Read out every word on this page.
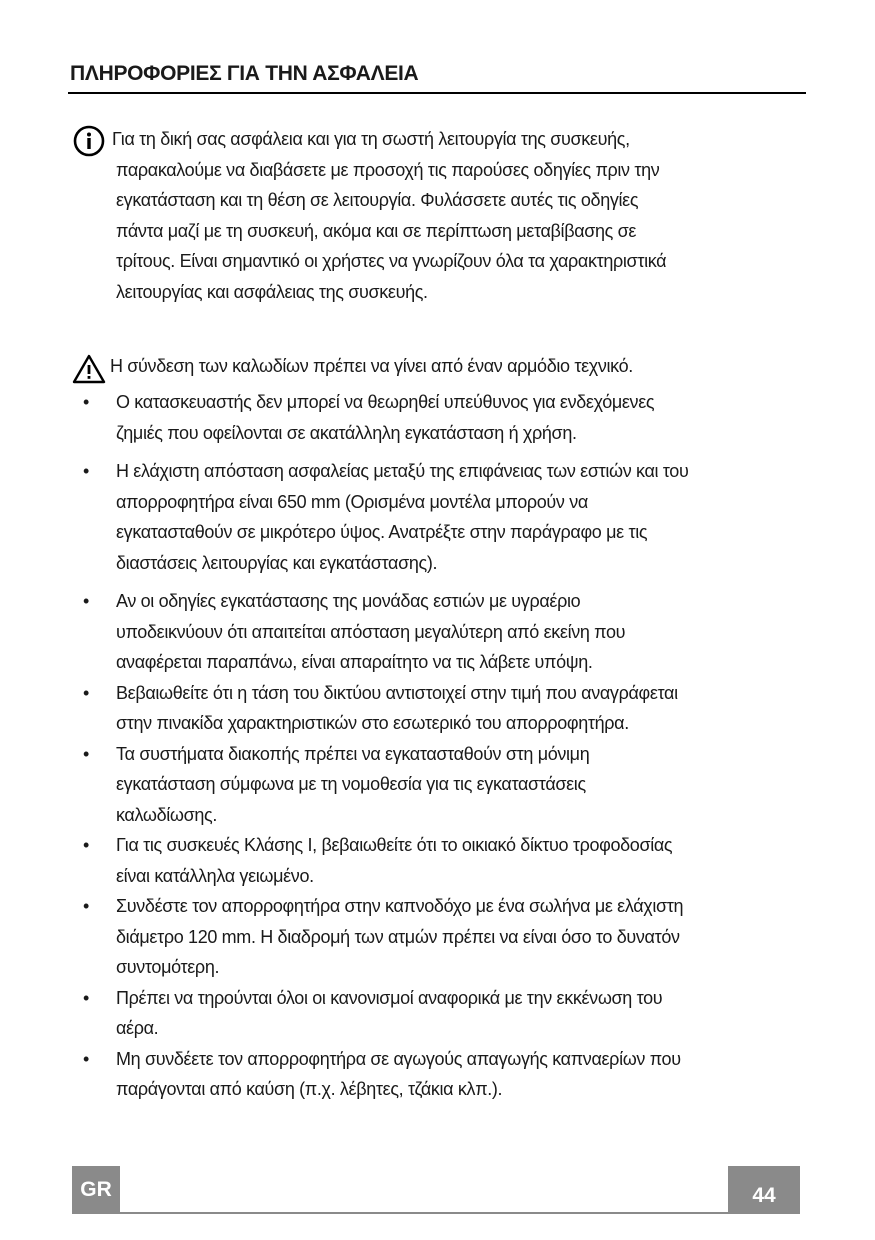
ΠΛΗΡΟΦΟΡΙΕΣ ΓΙΑ ΤΗΝ ΑΣΦΑΛΕΙΑ
Για τη δική σας ασφάλεια και για τη σωστή λειτουργία της συσκευής,
παρακαλούμε να διαβάσετε με προσοχή τις παρούσες οδηγίες πριν την
εγκατάσταση και τη θέση σε λειτουργία. Φυλάσσετε αυτές τις οδηγίες
πάντα μαζί με τη συσκευή, ακόμα και σε περίπτωση μεταβίβασης σε
τρίτους. Είναι σημαντικό οι χρήστες να γνωρίζουν όλα τα χαρακτηριστικά
λειτουργίας και ασφάλειας της συσκευής.
Η σύνδεση των καλωδίων πρέπει να γίνει από έναν αρμόδιο τεχνικό.
• Ο κατασκευαστής δεν μπορεί να θεωρηθεί υπεύθυνος για ενδεχόμενες
ζημιές που οφείλονται σε ακατάλληλη εγκατάσταση ή χρήση.
• Η ελάχιστη απόσταση ασφαλείας μεταξύ της επιφάνειας των εστιών και του
απορροφητήρα είναι 650 mm (Ορισμένα μοντέλα μπορούν να
εγκατασταθούν σε μικρότερο ύψος. Ανατρέξτε στην παράγραφο με τις
διαστάσεις λειτουργίας και εγκατάστασης).
• Αν οι οδηγίες εγκατάστασης της μονάδας εστιών με υγραέριο
υποδεικνύουν ότι απαιτείται απόσταση μεγαλύτερη από εκείνη που
αναφέρεται παραπάνω, είναι απαραίτητο να τις λάβετε υπόψη.
• Βεβαιωθείτε ότι η τάση του δικτύου αντιστοιχεί στην τιμή που αναγράφεται
στην πινακίδα χαρακτηριστικών στο εσωτερικό του απορροφητήρα.
• Τα συστήματα διακοπής πρέπει να εγκατασταθούν στη μόνιμη
εγκατάσταση σύμφωνα με τη νομοθεσία για τις εγκαταστάσεις
καλωδίωσης.
• Για τις συσκευές Κλάσης I, βεβαιωθείτε ότι το οικιακό δίκτυο τροφοδοσίας
είναι κατάλληλα γειωμένο.
• Συνδέστε τον απορροφητήρα στην καπνοδόχο με ένα σωλήνα με ελάχιστη
διάμετρο 120 mm. Η διαδρομή των ατμών πρέπει να είναι όσο το δυνατόν
συντομότερη.
• Πρέπει να τηρούνται όλοι οι κανονισμοί αναφορικά με την εκκένωση του
αέρα.
• Μη συνδέετε τον απορροφητήρα σε αγωγούς απαγωγής καπναερίων που
παράγονται από καύση (π.χ. λέβητες, τζάκια κλπ.).
GR	44
